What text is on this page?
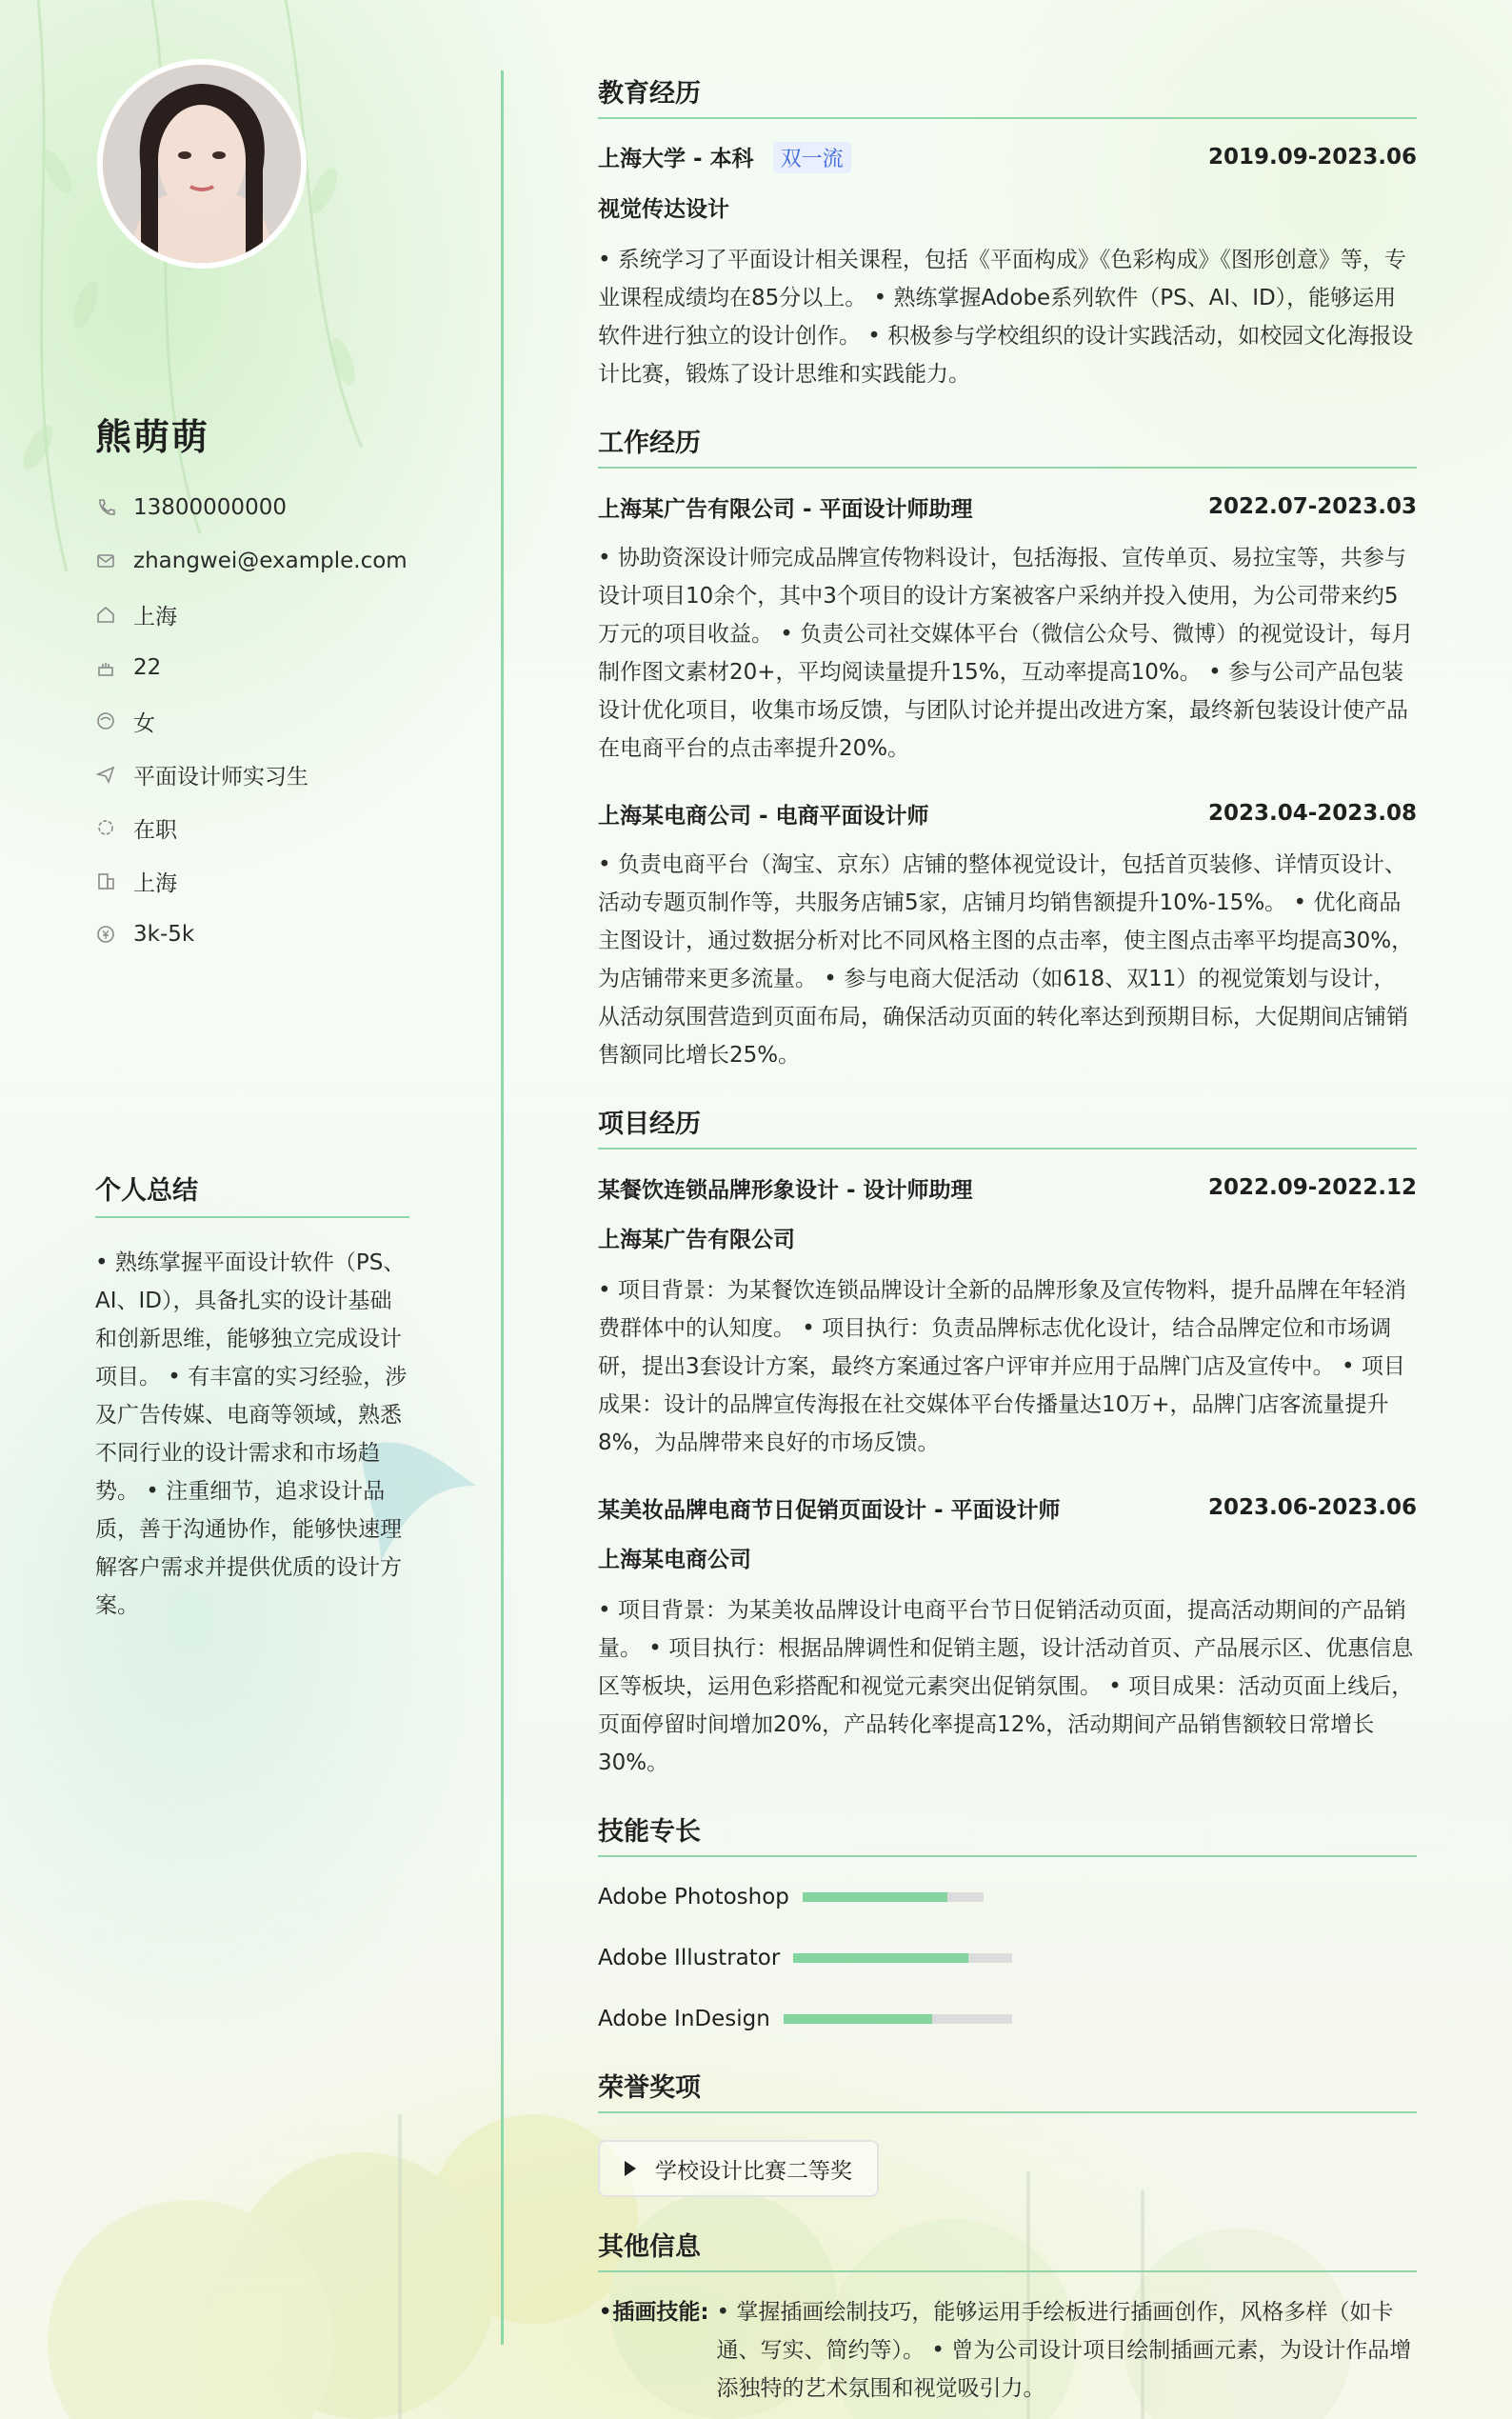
熊萌萌
13800000000
zhangwei@example.com
上海
22
女
平面设计师实习生
在职
上海
3k-5k
个人总结
• 熟练掌握平面设计软件（PS、AI、ID），具备扎实的设计基础和创新思维，能够独立完成设计项目。 • 有丰富的实习经验，涉及广告传媒、电商等领域，熟悉不同行业的设计需求和市场趋势。 • 注重细节，追求设计品质，善于沟通协作，能够快速理解客户需求并提供优质的设计方案。
教育经历
上海大学 - 本科 双一流	2019.09-2023.06
视觉传达设计
• 系统学习了平面设计相关课程，包括《平面构成》《色彩构成》《图形创意》等，专业课程成绩均在85分以上。 • 熟练掌握Adobe系列软件（PS、AI、ID），能够运用软件进行独立的设计创作。 • 积极参与学校组织的设计实践活动，如校园文化海报设计比赛，锻炼了设计思维和实践能力。
工作经历
上海某广告有限公司 - 平面设计师助理	2022.07-2023.03
• 协助资深设计师完成品牌宣传物料设计，包括海报、宣传单页、易拉宝等，共参与设计项目10余个，其中3个项目的设计方案被客户采纳并投入使用，为公司带来约5万元的项目收益。 • 负责公司社交媒体平台（微信公众号、微博）的视觉设计，每月制作图文素材20+，平均阅读量提升15%，互动率提高10%。 • 参与公司产品包装设计优化项目，收集市场反馈，与团队讨论并提出改进方案，最终新包装设计使产品在电商平台的点击率提升20%。
上海某电商公司 - 电商平面设计师	2023.04-2023.08
• 负责电商平台（淘宝、京东）店铺的整体视觉设计，包括首页装修、详情页设计、活动专题页制作等，共服务店铺5家，店铺月均销售额提升10%-15%。 • 优化商品主图设计，通过数据分析对比不同风格主图的点击率，使主图点击率平均提高30%，为店铺带来更多流量。 • 参与电商大促活动（如618、双11）的视觉策划与设计，从活动氛围营造到页面布局，确保活动页面的转化率达到预期目标，大促期间店铺销售额同比增长25%。
项目经历
某餐饮连锁品牌形象设计 - 设计师助理	2022.09-2022.12
上海某广告有限公司
• 项目背景：为某餐饮连锁品牌设计全新的品牌形象及宣传物料，提升品牌在年轻消费群体中的认知度。 • 项目执行：负责品牌标志优化设计，结合品牌定位和市场调研，提出3套设计方案，最终方案通过客户评审并应用于品牌门店及宣传中。 • 项目成果：设计的品牌宣传海报在社交媒体平台传播量达10万+，品牌门店客流量提升8%，为品牌带来良好的市场反馈。
某美妆品牌电商节日促销页面设计 - 平面设计师	2023.06-2023.06
上海某电商公司
• 项目背景：为某美妆品牌设计电商平台节日促销活动页面，提高活动期间的产品销量。 • 项目执行：根据品牌调性和促销主题，设计活动首页、产品展示区、优惠信息区等板块，运用色彩搭配和视觉元素突出促销氛围。 • 项目成果：活动页面上线后，页面停留时间增加20%，产品转化率提高12%，活动期间产品销售额较日常增长30%。
技能专长
Adobe Photoshop
Adobe Illustrator
Adobe InDesign
荣誉奖项
学校设计比赛二等奖
其他信息
• 插画技能: • 掌握插画绘制技巧，能够运用手绘板进行插画创作，风格多样（如卡通、写实、简约等）。 • 曾为公司设计项目绘制插画元素，为设计作品增添独特的艺术氛围和视觉吸引力。
